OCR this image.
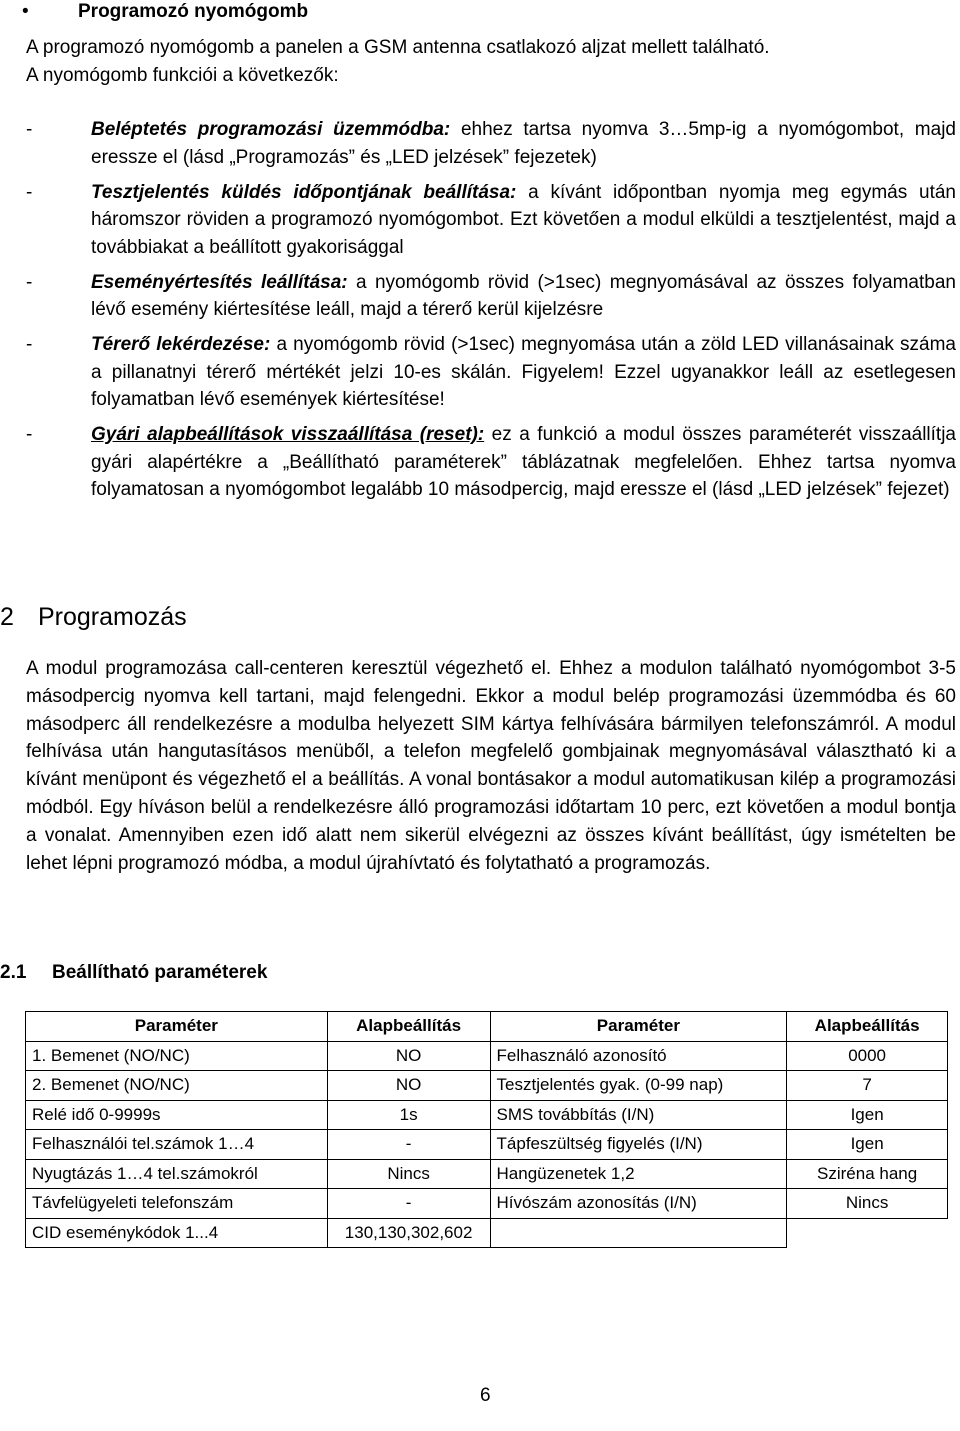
•	Programozó nyomógomb

A programozó nyomógomb a panelen a GSM antenna csatlakozó aljzat mellett található.

A nyomógomb funkciói a következők:

-	Beléptetés programozási üzemmódba: ehhez tartsa nyomva 3…5mp-ig a nyomógombot, majd eressze el (lásd „Programozás” és „LED jelzések” fejezetek)
-	Tesztjelentés küldés időpontjának beállítása: a kívánt időpontban nyomja meg egymás után háromszor röviden a programozó nyomógombot. Ezt követően a modul elküldi a tesztjelentést, majd a továbbiakat a beállított gyakorisággal
-	Eseményértesítés leállítása: a nyomógomb rövid (>1sec) megnyomásával az összes folyamatban lévő esemény kiértesítése leáll, majd a térerő kerül kijelzésre
-	Térerő lekérdezése: a nyomógomb rövid (>1sec) megnyomása után a zöld LED villanásainak száma a pillanatnyi térerő mértékét jelzi 10-es skálán. Figyelem! Ezzel ugyanakkor leáll az esetlegesen folyamatban lévő események kiértesítése!
-	Gyári alapbeállítások visszaállítása (reset): ez a funkció a modul összes paraméterét visszaállítja gyári alapértékre a „Beállítható paraméterek” táblázatnak megfelelően. Ehhez tartsa nyomva folyamatosan a nyomógombot legalább 10 másodpercig, majd eressze el (lásd „LED jelzések” fejezet)
2 Programozás

A modul programozása call-centeren keresztül végezhető el. Ehhez a modulon található nyomógombot 3-5 másodpercig nyomva kell tartani, majd felengedni. Ekkor a modul belép programozási üzemmódba és 60 másodperc áll rendelkezésre a modulba helyezett SIM kártya felhívására bármilyen telefonszámról. A modul felhívása után hangutasításos menüből, a telefon megfelelő gombjainak megnyomásával választható ki a kívánt menüpont és végezhető el a beállítás. A vonal bontásakor a modul automatikusan kilép a programozási módból. Egy híváson belül a rendelkezésre álló programozási időtartam 10 perc, ezt követően a modul bontja a vonalat. Amennyiben ezen idő alatt nem sikerül elvégezni az összes kívánt beállítást, úgy ismételten be lehet lépni programozó módba, a modul újrahívtató és folytatható a programozás.

2.1 Beállítható paraméterek
Paraméter	Alapbeállítás	Paraméter	Alapbeállítás
1. Bemenet (NO/NC)	NO	Felhasználó azonosító	0000
2. Bemenet (NO/NC)	NO	Tesztjelentés gyak. (0-99 nap)	7
Relé idő 0-9999s	1s	SMS továbbítás (I/N)	Igen
Felhasználói tel.számok 1…4	-	Tápfeszültség figyelés (I/N)	Igen
Nyugtázás 1…4 tel.számokról	Nincs	Hangüzenetek 1,2	Sziréna hang
Távfelügyeleti telefonszám	-	Hívószám azonosítás (I/N)	Nincs
CID eseménykódok 1...4	130,130,302,602		
6
